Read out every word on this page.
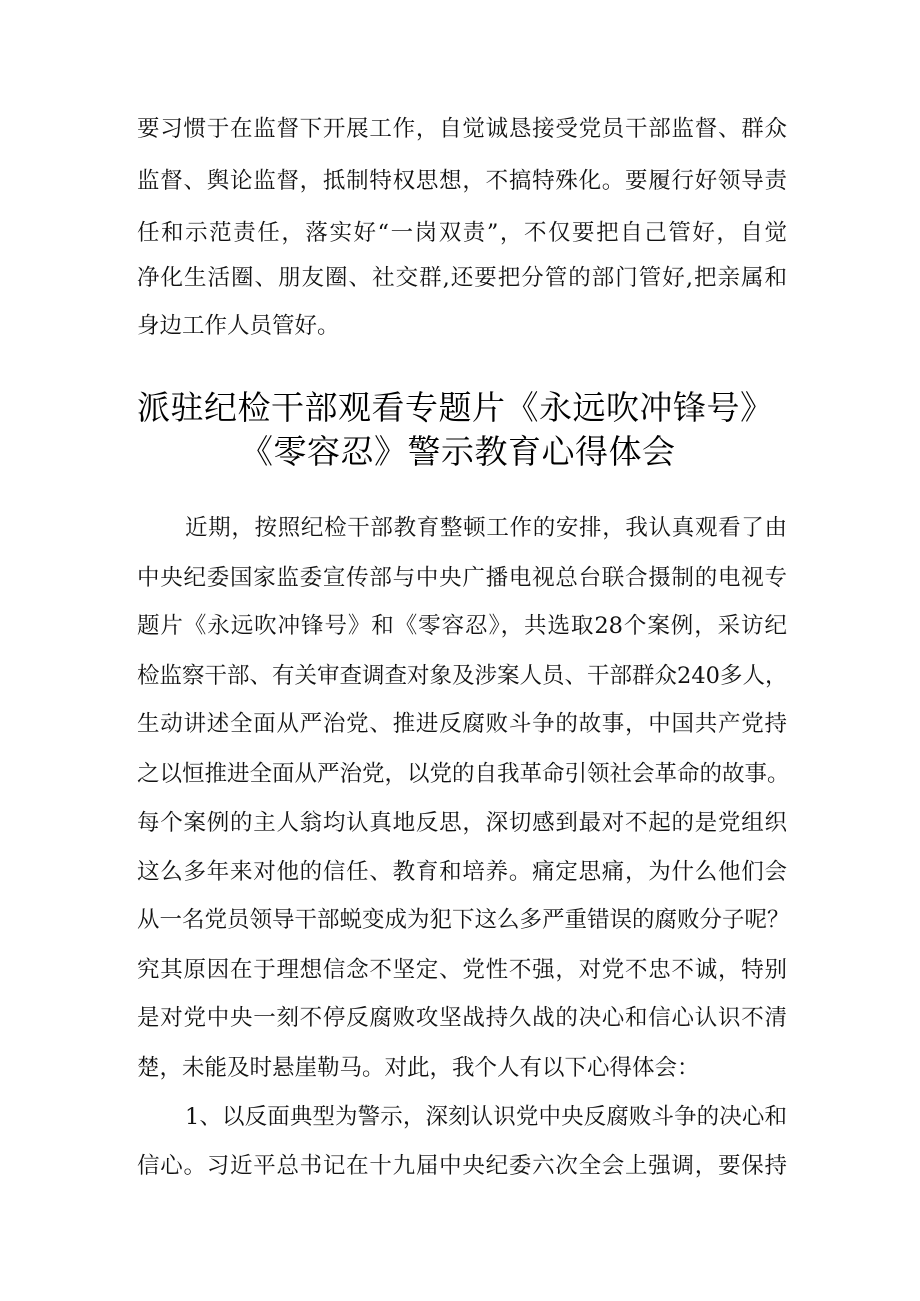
要习惯于在监督下开展工作，自觉诚恳接受党员干部监督、群众
监督、舆论监督，抵制特权思想，不搞特殊化。要履行好领导责
任和示范责任，落实好“一岗双责”，不仅要把自己管好，自觉
净化生活圈、朋友圈、社交群,还要把分管的部门管好,把亲属和
身边工作人员管好。
派驻纪检干部观看专题片《永远吹冲锋号》
《零容忍》警示教育心得体会
近期，按照纪检干部教育整顿工作的安排，我认真观看了由
中央纪委国家监委宣传部与中央广播电视总台联合摄制的电视专
题片《永远吹冲锋号》和《零容忍》，共选取28个案例，采访纪
检监察干部、有关审查调查对象及涉案人员、干部群众240多人，
生动讲述全面从严治党、推进反腐败斗争的故事，中国共产党持
之以恒推进全面从严治党，以党的自我革命引领社会革命的故事。
每个案例的主人翁均认真地反思，深切感到最对不起的是党组织
这么多年来对他的信任、教育和培养。痛定思痛，为什么他们会
从一名党员领导干部蜕变成为犯下这么多严重错误的腐败分子呢？
究其原因在于理想信念不坚定、党性不强，对党不忠不诚，特别
是对党中央一刻不停反腐败攻坚战持久战的决心和信心认识不清
楚，未能及时悬崖勒马。对此，我个人有以下心得体会：
1、以反面典型为警示，深刻认识党中央反腐败斗争的决心和
信心。习近平总书记在十九届中央纪委六次全会上强调，要保持
